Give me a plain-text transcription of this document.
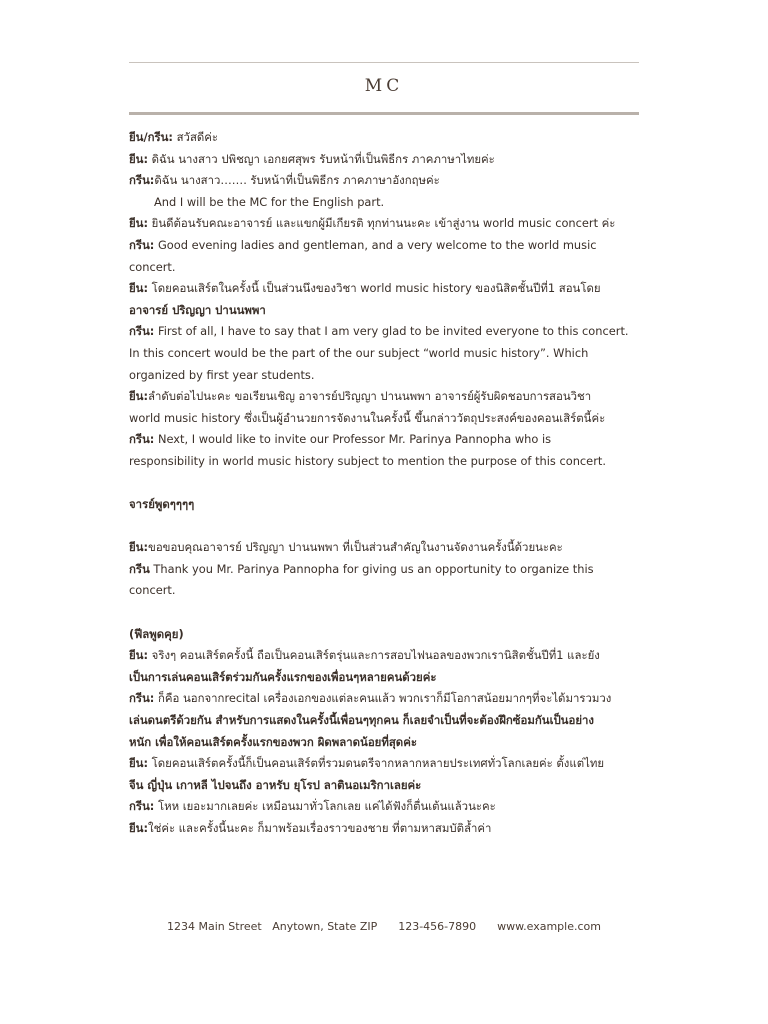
MC

ยีน/กรีน: สวัสดีค่ะ

ยีน: ดิฉัน นางสาว ปพิชญา เอกยศสุพร รับหน้าที่เป็นพิธีกร ภาคภาษาไทยค่ะ

กรีน:ดิฉัน นางสาว……. รับหน้าที่เป็นพิธีกร ภาคภาษาอังกฤษค่ะ

And I will be the MC for the English part.

ยีน: ยินดีต้อนรับคณะอาจารย์ และแขกผู้มีเกียรติ ทุกท่านนะคะ เข้าสู่งาน world music concert ค่ะ

กรีน: Good evening ladies and gentleman, and a very welcome to the world music

concert.

ยีน: โดยคอนเสิร์ตในครั้งนี้ เป็นส่วนนึงของวิชา world music history ของนิสิตชั้นปีที่1 สอนโดย

อาจารย์ ปริญญา ปานนพพา

กรีน: First of all, I have to say that I am very glad to be invited everyone to this concert.

In this concert would be the part of the our subject “world music history”. Which

organized by first year students.

ยีน:ลำดับต่อไปนะคะ ขอเรียนเชิญ อาจารย์ปริญญา ปานนพพา อาจารย์ผู้รับผิดชอบการสอนวิชา

world music history ซึ่งเป็นผู้อำนวยการจัดงานในครั้งนี้ ขึ้นกล่าววัตถุประสงค์ของคอนเสิร์ตนี้ค่ะ

กรีน: Next, I would like to invite our Professor Mr. Parinya Pannopha who is

responsibility in world music history subject to mention the purpose of this concert.

จารย์พูดๆๆๆๆ

ยีน:ขอขอบคุณอาจารย์ ปริญญา ปานนพพา ที่เป็นส่วนสำคัญในงานจัดงานครั้งนี้ด้วยนะคะ

กรีน Thank you Mr. Parinya Pannopha for giving us an opportunity to organize this

concert.

(ฟีลพูดคุย)

ยีน: จริงๆ คอนเสิร์ตครั้งนี้ ถือเป็นคอนเสิร์ตรุ่นและการสอบไฟนอลของพวกเรานิสิตชั้นปีที่1 และยัง

เป็นการเล่นคอนเสิร์ตร่วมกันครั้งแรกของเพื่อนๆหลายคนด้วยค่ะ

กรีน: ก็คือ นอกจากrecital เครื่องเอกของแต่ละคนแล้ว พวกเราก็มีโอกาสน้อยมากๆที่จะได้มารวมวง

เล่นดนตรีด้วยกัน สำหรับการแสดงในครั้งนี้เพื่อนๆทุกคน ก็เลยจำเป็นที่จะต้องฝึกซ้อมกันเป็นอย่าง

หนัก เพื่อให้คอนเสิร์ตครั้งแรกของพวก ผิดพลาดน้อยที่สุดค่ะ

ยีน: โดยคอนเสิร์ตครั้งนี้ก็เป็นคอนเสิร์ตที่รวมดนตรีจากหลากหลายประเทศทั่วโลกเลยค่ะ ตั้งแต่ไทย

จีน ญี่ปุ่น เกาหลี ไปจนถึง อาหรับ ยุโรป ลาตินอเมริกาเลยค่ะ

กรีน: โหห เยอะมากเลยค่ะ เหมือนมาทั่วโลกเลย แค่ได้ฟังก็ตื่นเต้นแล้วนะคะ

ยีน:ใช่ค่ะ และครั้งนี้นะคะ ก็มาพร้อมเรื่องราวของชาย ที่ตามหาสมบัติล้ำค่า

1234 Main Street   Anytown, State ZIP 123-456-7890 www.example.com
